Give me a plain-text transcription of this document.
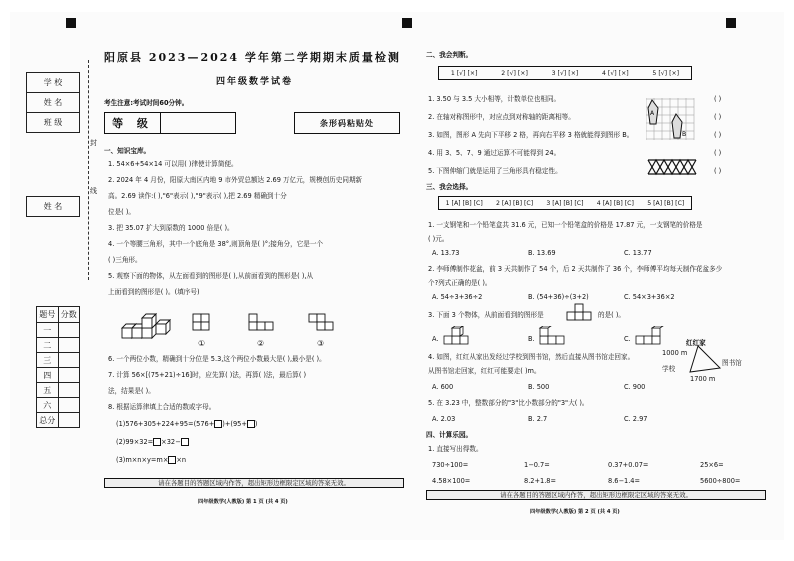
学 校
姓 名
班 级
姓 名
封
线
题号	分数
一	
二	
三	
四	
五	
六	
总分	
阳原县 2023—2024 学年第二学期期末质量检测
四年级数学试卷
考生注意:考试时间60分钟。
等 级	条形码粘贴处
一、知识宝库。
1. 54×6+54×14 可以用( )律使计算简便。
2. 2024 年 4 月份，阳原大南区内地 9 市外贸总额达 2.69 万亿元，规模创历史同期新
高。2.69 读作:( ),"6"表示( ),"9"表示( ),把 2.69 精确到十分
位是( )。
3. 把 35.07 扩大到原数的 1000 倍是( )。
4. 一个等腰三角形，其中一个底角是 38°,则顶角是( )°;接角分，它是一个
( )三角形。
5. 观察下面的物体，从左面看到的图形是( ),从前面看到的图形是( ),从
上面看到的图形是( )。(填序号)
①	②	③
6. 一个两位小数，精确到十分位是 5.3,这个两位小数最大是( ),最小是( )。
7. 计算 56×[(75+21)÷16]时，应先算( )法，再算( )法，最后算( )
法，结果是( )。
8. 根据运算律填上合适的数或字母。
(1)576+305+224+95=(576+ )+(95+ )
(2)99×32= ×32−
(3)m×n×y=m× ×n
请在各题目的答题区域内作答，超出矩形边框限定区域的答案无效。
四年级数学(人教版) 第 1 页 (共 4 页)
二、我会判断。
1 [√] [×]	2 [√] [×]	3 [√] [×]	4 [√] [×]	5 [√] [×]
1. 3.50 与 3.5 大小相等，计数单位也相同。	( )
2. 在轴对称图形中，对应点到对称轴的距离相等。	( )
3. 如图，图形 A 先向下平移 2 格，再向右平移 3 格就能得到图形 B。	( )
4. 用 3、5、7、9 通过运算不可能得到 24。	( )
5. 下图伸缩门就是运用了三角形具有稳定性。	( )
A
B
三、我会选择。
1 [A] [B] [C] 2 [A] [B] [C] 3 [A] [B] [C] 4 [A] [B] [C] 5 [A] [B] [C]
1. 一支钢笔和一个铅笔盒共 31.6 元，已知一个铅笔盒的价格是 17.87 元，一支钢笔的价格是
( )元。
A. 13.73	B. 13.69	C. 13.77
2. 李师傅制作花盆，前 3 天共制作了 54 个，后 2 天共制作了 36 个，李师傅平均每天制作花盆多少
个?列式正确的是( )。
A. 54÷3+36÷2	B. (54+36)÷(3+2)	C. 54×3+36×2
3. 下面 3 个物体，从前面看到的图形是	的是( )。
A.	B.	C.
4. 如图，红红从家出发经过学校到图书馆，然后直接从图书馆走回家。
从图书馆走回家，红红可能要走( )m。
A. 600	B. 500	C. 900
红红家
学校
图书馆
1000 m
1700 m
5. 在 3.23 中，整数部分的"3"比小数部分的"3"大( )。
A. 2.03	B. 2.7	C. 2.97
四、计算乐园。
1. 直接写出得数。
730÷100=	1−0.7=	0.37+0.07=	25×6=
4.58×100=	8.2+1.8=	8.6−1.4=	5600÷800=
请在各题目的答题区域内作答，超出矩形边框限定区域的答案无效。
四年级数学(人教版) 第 2 页 (共 4 页)
